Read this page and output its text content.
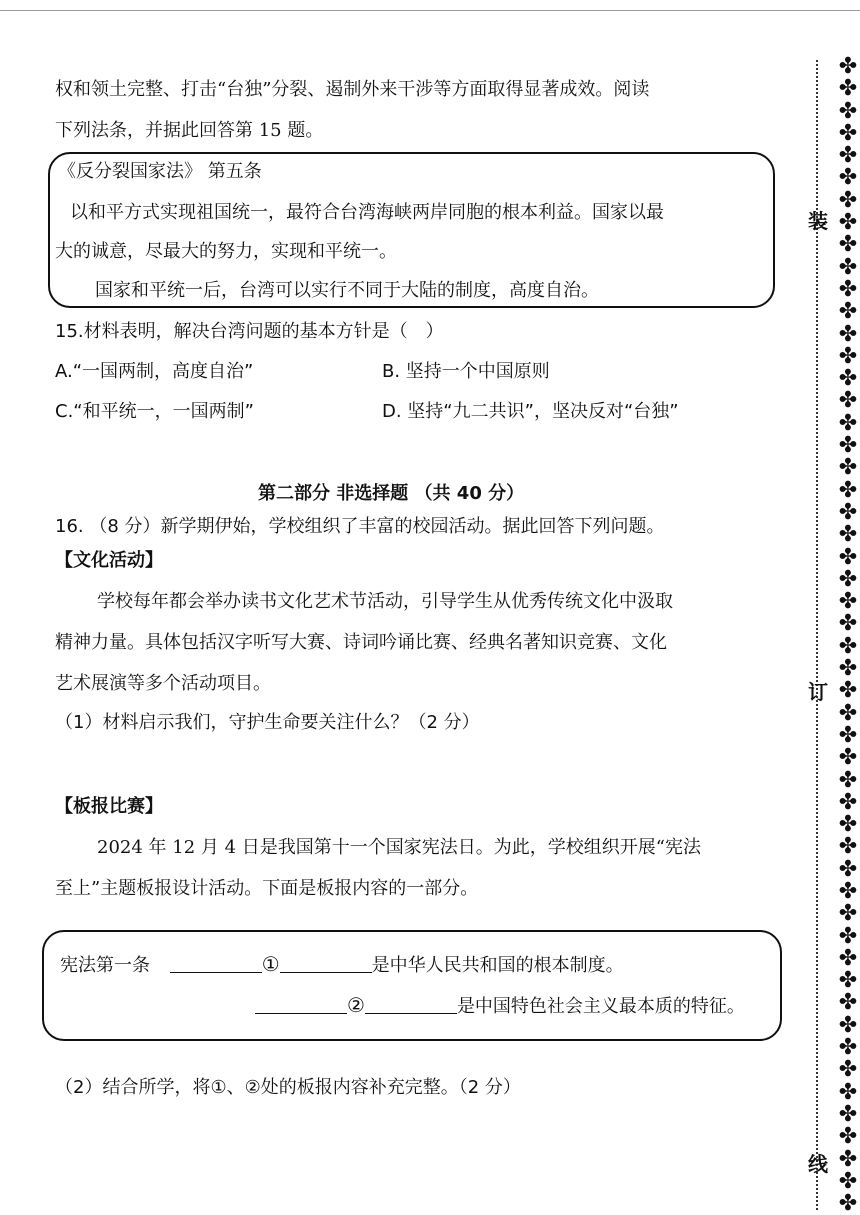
权和领土完整、打击“台独”分裂、遏制外来干涉等方面取得显著成效。阅读
下列法条，并据此回答第 15 题。
《反分裂国家法》 第五条
以和平方式实现祖国统一，最符合台湾海峡两岸同胞的根本利益。国家以最
大的诚意，尽最大的努力，实现和平统一。
国家和平统一后，台湾可以实行不同于大陆的制度，高度自治。
15.材料表明，解决台湾问题的基本方针是（　）
A.“一国两制，高度自治”	B. 坚持一个中国原则
C.“和平统一，一国两制”	D. 坚持“九二共识”，坚决反对“台独”
第二部分 非选择题 （共 40 分）
16. （8 分）新学期伊始，学校组织了丰富的校园活动。据此回答下列问题。
【文化活动】
学校每年都会举办读书文化艺术节活动，引导学生从优秀传统文化中汲取
精神力量。具体包括汉字听写大赛、诗词吟诵比赛、经典名著知识竞赛、文化
艺术展演等多个活动项目。
（1）材料启示我们，守护生命要关注什么？（2 分）
【板报比赛】
2024 年 12 月 4 日是我国第十一个国家宪法日。为此，学校组织开展“宪法
至上”主题板报设计活动。下面是板报内容的一部分。
宪法第一条	①	是中华人民共和国的根本制度。
②	是中国特色社会主义最本质的特征。
（2）结合所学，将①、②处的板报内容补充完整。（2 分）
装
订
线
✤
✤
✤
✤
✤
✤
✤
✤
✤
✤
✤
✤
✤
✤
✤
✤
✤
✤
✤
✤
✤
✤
✤
✤
✤
✤
✤
✤
✤
✤
✤
✤
✤
✤
✤
✤
✤
✤
✤
✤
✤
✤
✤
✤
✤
✤
✤
✤
✤
✤
✤
✤
